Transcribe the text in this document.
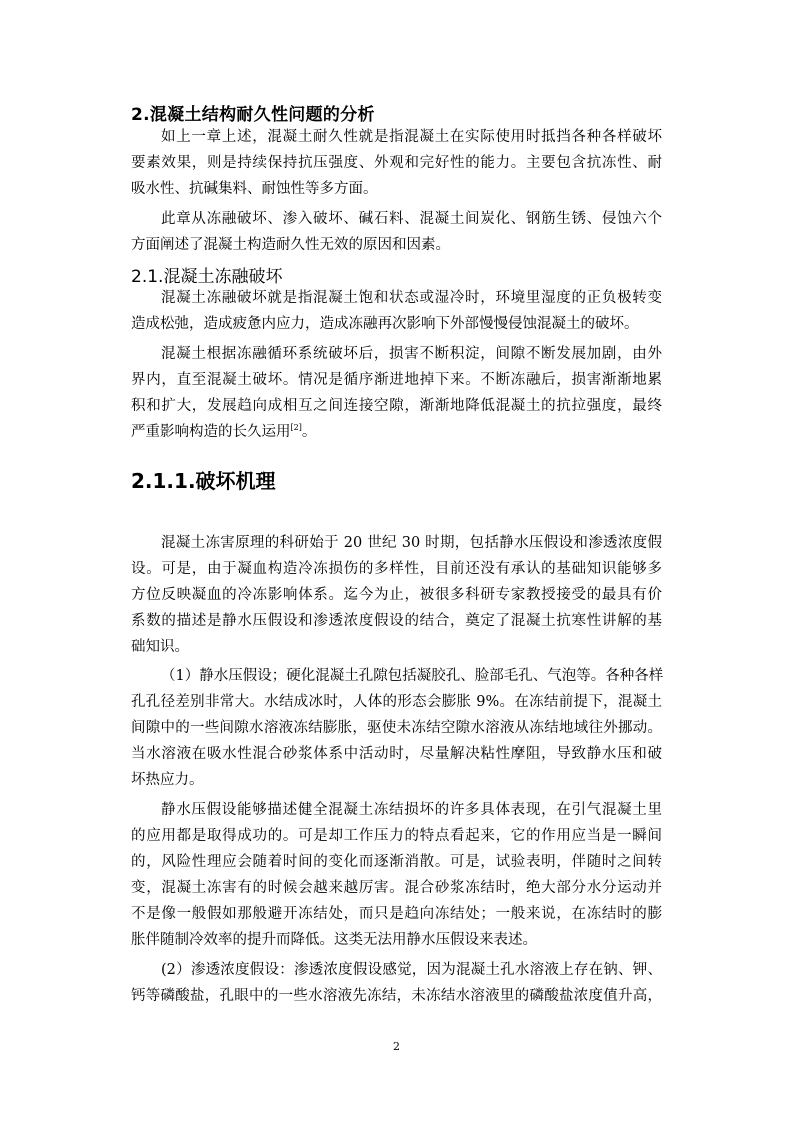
2.混凝土结构耐久性问题的分析
如上一章上述，混凝土耐久性就是指混凝土在实际使用时抵挡各种各样破坏
要素效果，则是持续保持抗压强度、外观和完好性的能力。主要包含抗冻性、耐
吸水性、抗碱集料、耐蚀性等多方面。
此章从冻融破坏、渗入破坏、碱石料、混凝土间炭化、钢筋生锈、侵蚀六个
方面阐述了混凝土构造耐久性无效的原因和因素。
2.1.混凝土冻融破坏
混凝土冻融破坏就是指混凝土饱和状态或湿冷时，环境里湿度的正负极转变
造成松弛，造成疲惫内应力，造成冻融再次影响下外部慢慢侵蚀混凝土的破坏。
混凝土根据冻融循环系统破坏后，损害不断积淀，间隙不断发展加剧，由外
界内，直至混凝土破坏。情况是循序渐进地掉下来。不断冻融后，损害渐渐地累
积和扩大，发展趋向成相互之间连接空隙，渐渐地降低混凝土的抗拉强度，最终
严重影响构造的长久运用[2]。
2.1.1.破坏机理
混凝土冻害原理的科研始于 20 世纪 30 时期，包括静水压假设和渗透浓度假
设。可是，由于凝血构造冷冻损伤的多样性，目前还没有承认的基础知识能够多
方位反映凝血的冷冻影响体系。迄今为止，被很多科研专家教授接受的最具有价
系数的描述是静水压假设和渗透浓度假设的结合，奠定了混凝土抗寒性讲解的基
础知识。
（1）静水压假设；硬化混凝土孔隙包括凝胶孔、脸部毛孔、气泡等。各种各样
孔孔径差别非常大。水结成冰时，人体的形态会膨胀 9%。在冻结前提下，混凝土
间隙中的一些间隙水溶液冻结膨胀，驱使未冻结空隙水溶液从冻结地域往外挪动。
当水溶液在吸水性混合砂浆体系中活动时，尽量解决粘性摩阻，导致静水压和破
坏热应力。
静水压假设能够描述健全混凝土冻结损坏的许多具体表现，在引气混凝土里
的应用都是取得成功的。可是却工作压力的特点看起来，它的作用应当是一瞬间
的，风险性理应会随着时间的变化而逐渐消散。可是，试验表明，伴随时之间转
变，混凝土冻害有的时候会越来越厉害。混合砂浆冻结时，绝大部分水分运动并
不是像一般假如那般避开冻结处，而只是趋向冻结处；一般来说，在冻结时的膨
胀伴随制冷效率的提升而降低。这类无法用静水压假设来表述。
(2）渗透浓度假设：渗透浓度假设感觉，因为混凝土孔水溶液上存在钠、钾、
钙等磷酸盐，孔眼中的一些水溶液先冻结，未冻结水溶液里的磷酸盐浓度值升高，
2
